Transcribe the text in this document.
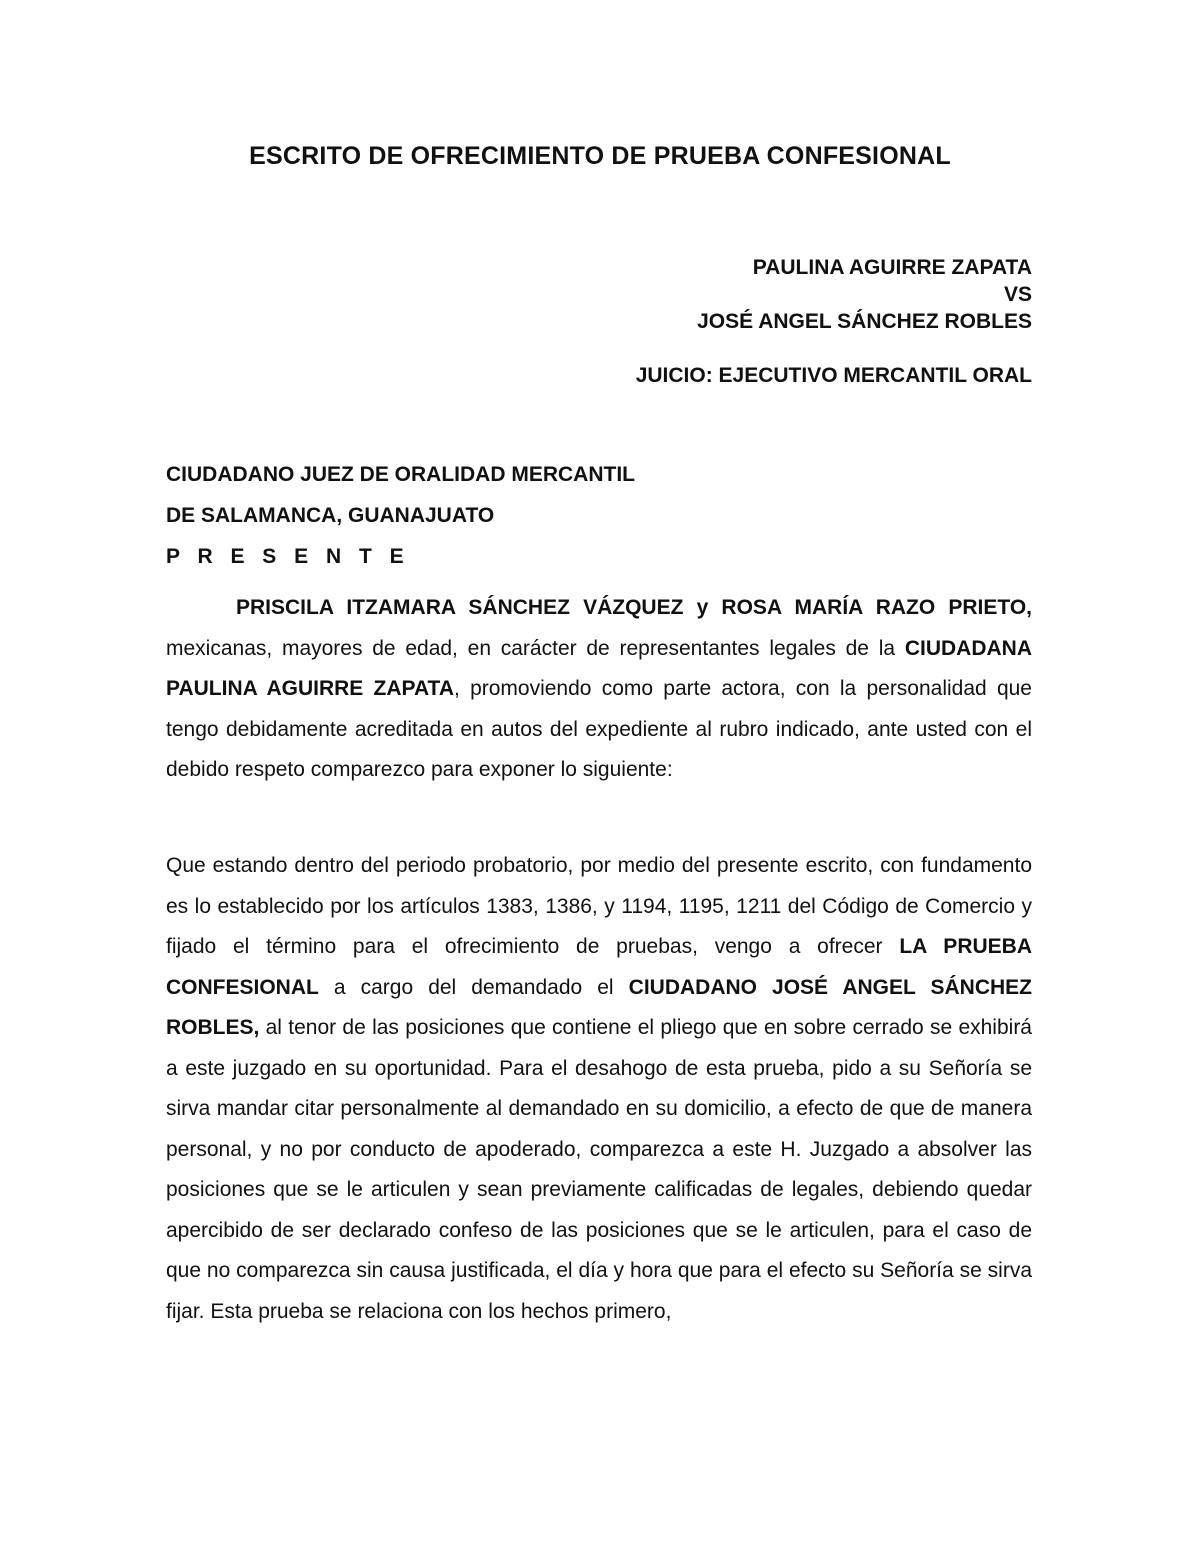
ESCRITO DE OFRECIMIENTO DE PRUEBA CONFESIONAL
PAULINA AGUIRRE ZAPATA
VS
JOSÉ ANGEL SÁNCHEZ ROBLES
JUICIO: EJECUTIVO MERCANTIL ORAL
CIUDADANO JUEZ DE ORALIDAD MERCANTIL
DE SALAMANCA, GUANAJUATO
P R E S E N T E
PRISCILA ITZAMARA SÁNCHEZ VÁZQUEZ y ROSA MARÍA RAZO PRIETO, mexicanas, mayores de edad, en carácter de representantes legales de la CIUDADANA PAULINA AGUIRRE ZAPATA, promoviendo como parte actora, con la personalidad que tengo debidamente acreditada en autos del expediente al rubro indicado, ante usted con el debido respeto comparezco para exponer lo siguiente:
Que estando dentro del periodo probatorio, por medio del presente escrito, con fundamento es lo establecido por los artículos 1383, 1386, y 1194, 1195, 1211 del Código de Comercio y fijado el término para el ofrecimiento de pruebas, vengo a ofrecer LA PRUEBA CONFESIONAL a cargo del demandado el CIUDADANO JOSÉ ANGEL SÁNCHEZ ROBLES, al tenor de las posiciones que contiene el pliego que en sobre cerrado se exhibirá a este juzgado en su oportunidad. Para el desahogo de esta prueba, pido a su Señoría se sirva mandar citar personalmente al demandado en su domicilio, a efecto de que de manera personal, y no por conducto de apoderado, comparezca a este H. Juzgado a absolver las posiciones que se le articulen y sean previamente calificadas de legales, debiendo quedar apercibido de ser declarado confeso de las posiciones que se le articulen, para el caso de que no comparezca sin causa justificada, el día y hora que para el efecto su Señoría se sirva fijar. Esta prueba se relaciona con los hechos primero,
